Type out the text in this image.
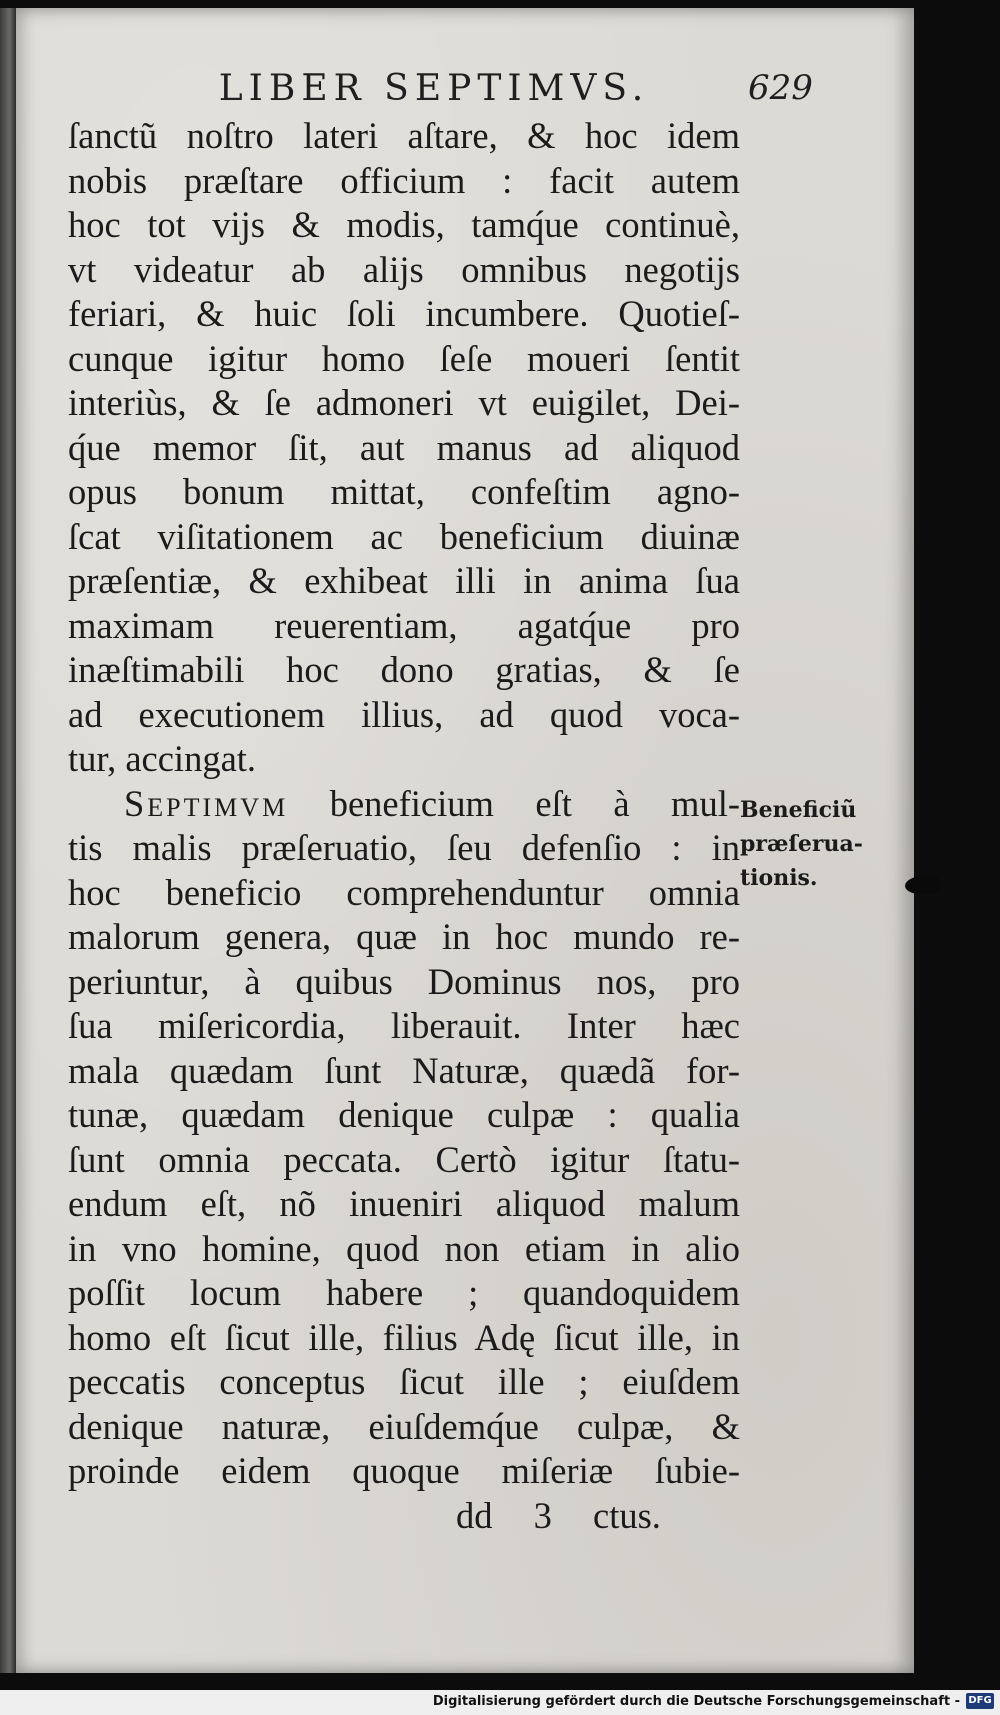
LIBER SEPTIMVS.	629
ſanctũ noſtro lateri aſtare, & hoc idem
nobis præſtare officium : facit autem
hoc tot vijs & modis, tamq́ue continuè,
vt videatur ab alijs omnibus negotijs
feriari, & huic ſoli incumbere. Quotieſ-
cunque igitur homo ſeſe moueri ſentit
interiùs, & ſe admoneri vt euigilet, Dei-
q́ue memor ſit, aut manus ad aliquod
opus bonum mittat, confeſtim agno-
ſcat viſitationem ac beneficium diuinæ
præſentiæ, & exhibeat illi in anima ſua
maximam reuerentiam, agatq́ue pro
inæſtimabili hoc dono gratias, & ſe
ad executionem illius, ad quod voca-
tur, accingat.
Septimvm beneficium eſt à mul-
tis malis præſeruatio, ſeu defenſio : in
hoc beneficio comprehenduntur omnia
malorum genera, quæ in hoc mundo re-
periuntur, à quibus Dominus nos, pro
ſua miſericordia, liberauit. Inter hæc
mala quædam ſunt Naturæ, quædã for-
tunæ, quædam denique culpæ : qualia
ſunt omnia peccata. Certò igitur ſtatu-
endum eſt, nõ inueniri aliquod malum
in vno homine, quod non etiam in alio
poſſit locum habere ; quandoquidem
homo eſt ſicut ille, filius Adę ſicut ille, in
peccatis conceptus ſicut ille ; eiuſdem
denique naturæ, eiuſdemq́ue culpæ, &
proinde eidem quoque miſeriæ ſubie-
dd 3 ctus.
Beneficiũ
præſerua-
tionis.
Digitalisierung gefördert durch die Deutsche Forschungsgemeinschaft - DFG
